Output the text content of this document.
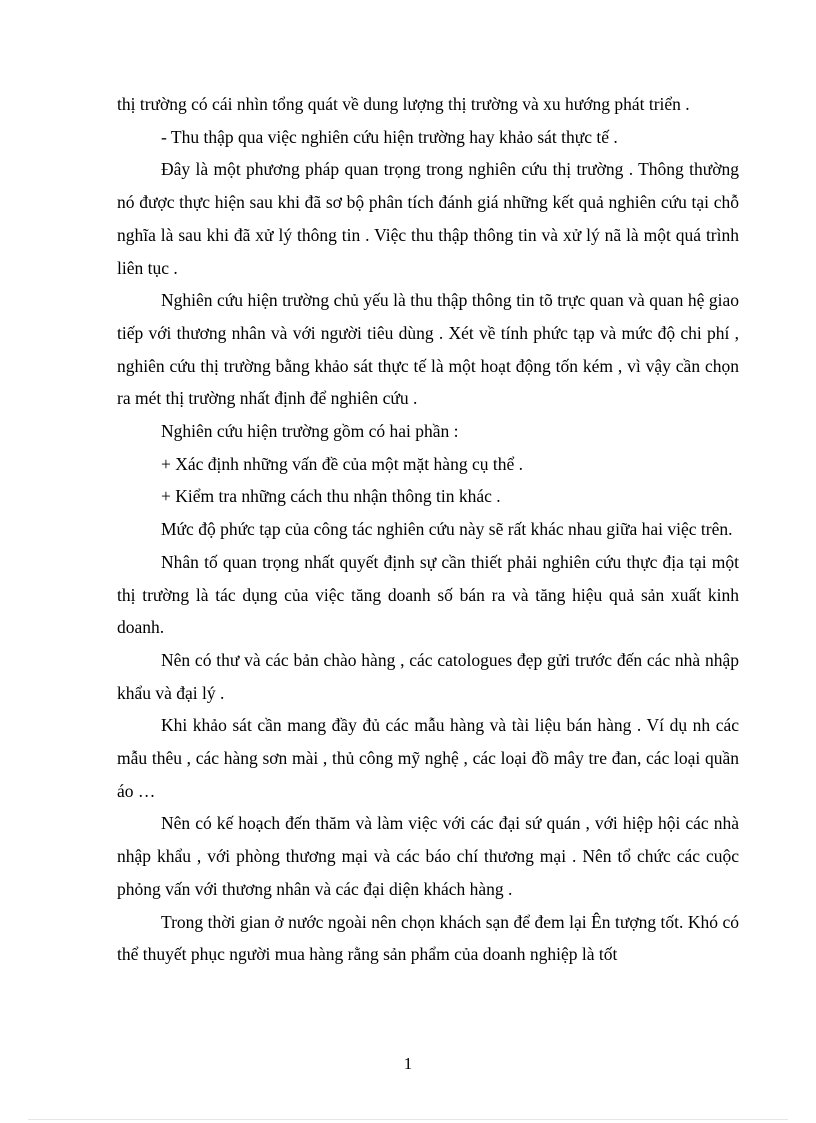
thị trường có cái nhìn tổng quát về dung lượng thị trường và xu hướng phát triển .

- Thu thập qua việc nghiên cứu hiện trường hay khảo sát thực tế .

Đây là một phương pháp quan trọng trong nghiên cứu thị trường . Thông thường nó được thực hiện sau khi đã sơ bộ phân tích đánh giá những kết quả nghiên cứu tại chỗ nghĩa là sau khi đã xử lý thông tin . Việc thu thập thông tin và xử lý nã là một quá trình liên tục .

Nghiên cứu hiện trường chủ yếu là thu thập thông tin tõ trực quan và quan hệ giao tiếp với thương nhân và với người tiêu dùng . Xét về tính phức tạp và mức độ chi phí , nghiên cứu thị trường bằng khảo sát thực tế là một hoạt động tốn kém , vì vậy cần chọn ra mét thị trường nhất định để nghiên cứu .

Nghiên cứu hiện trường gồm có hai phần :

+ Xác định những vấn đề của một mặt hàng cụ thể .

+ Kiểm tra những cách thu nhận thông tin khác .

Mức độ phức tạp của công tác nghiên cứu này sẽ rất khác nhau giữa hai việc trên.

Nhân tố quan trọng nhất quyết định sự cần thiết phải nghiên cứu thực địa tại một thị trường là tác dụng của việc tăng doanh số bán ra và tăng hiệu quả sản xuất kinh doanh.

Nên có thư và các bản chào hàng , các catologues đẹp gửi trước đến các nhà nhập khẩu và đại lý .

Khi khảo sát cần mang đầy đủ các mẫu hàng và tài liệu bán hàng . Ví dụ nh các mẫu thêu , các hàng sơn mài , thủ công mỹ nghệ , các loại đồ mây tre đan, các loại quần áo …

Nên có kế hoạch đến thăm và làm việc với các đại sứ quán , với hiệp hội các nhà nhập khẩu , với phòng thương mại và các báo chí thương mại . Nên tổ chức các cuộc phỏng vấn với thương nhân và các đại diện khách hàng .

Trong thời gian ở nước ngoài nên chọn khách sạn để đem lại Ên tượng tốt. Khó có thể thuyết phục người mua hàng rằng sản phẩm của doanh nghiệp là tốt

1
